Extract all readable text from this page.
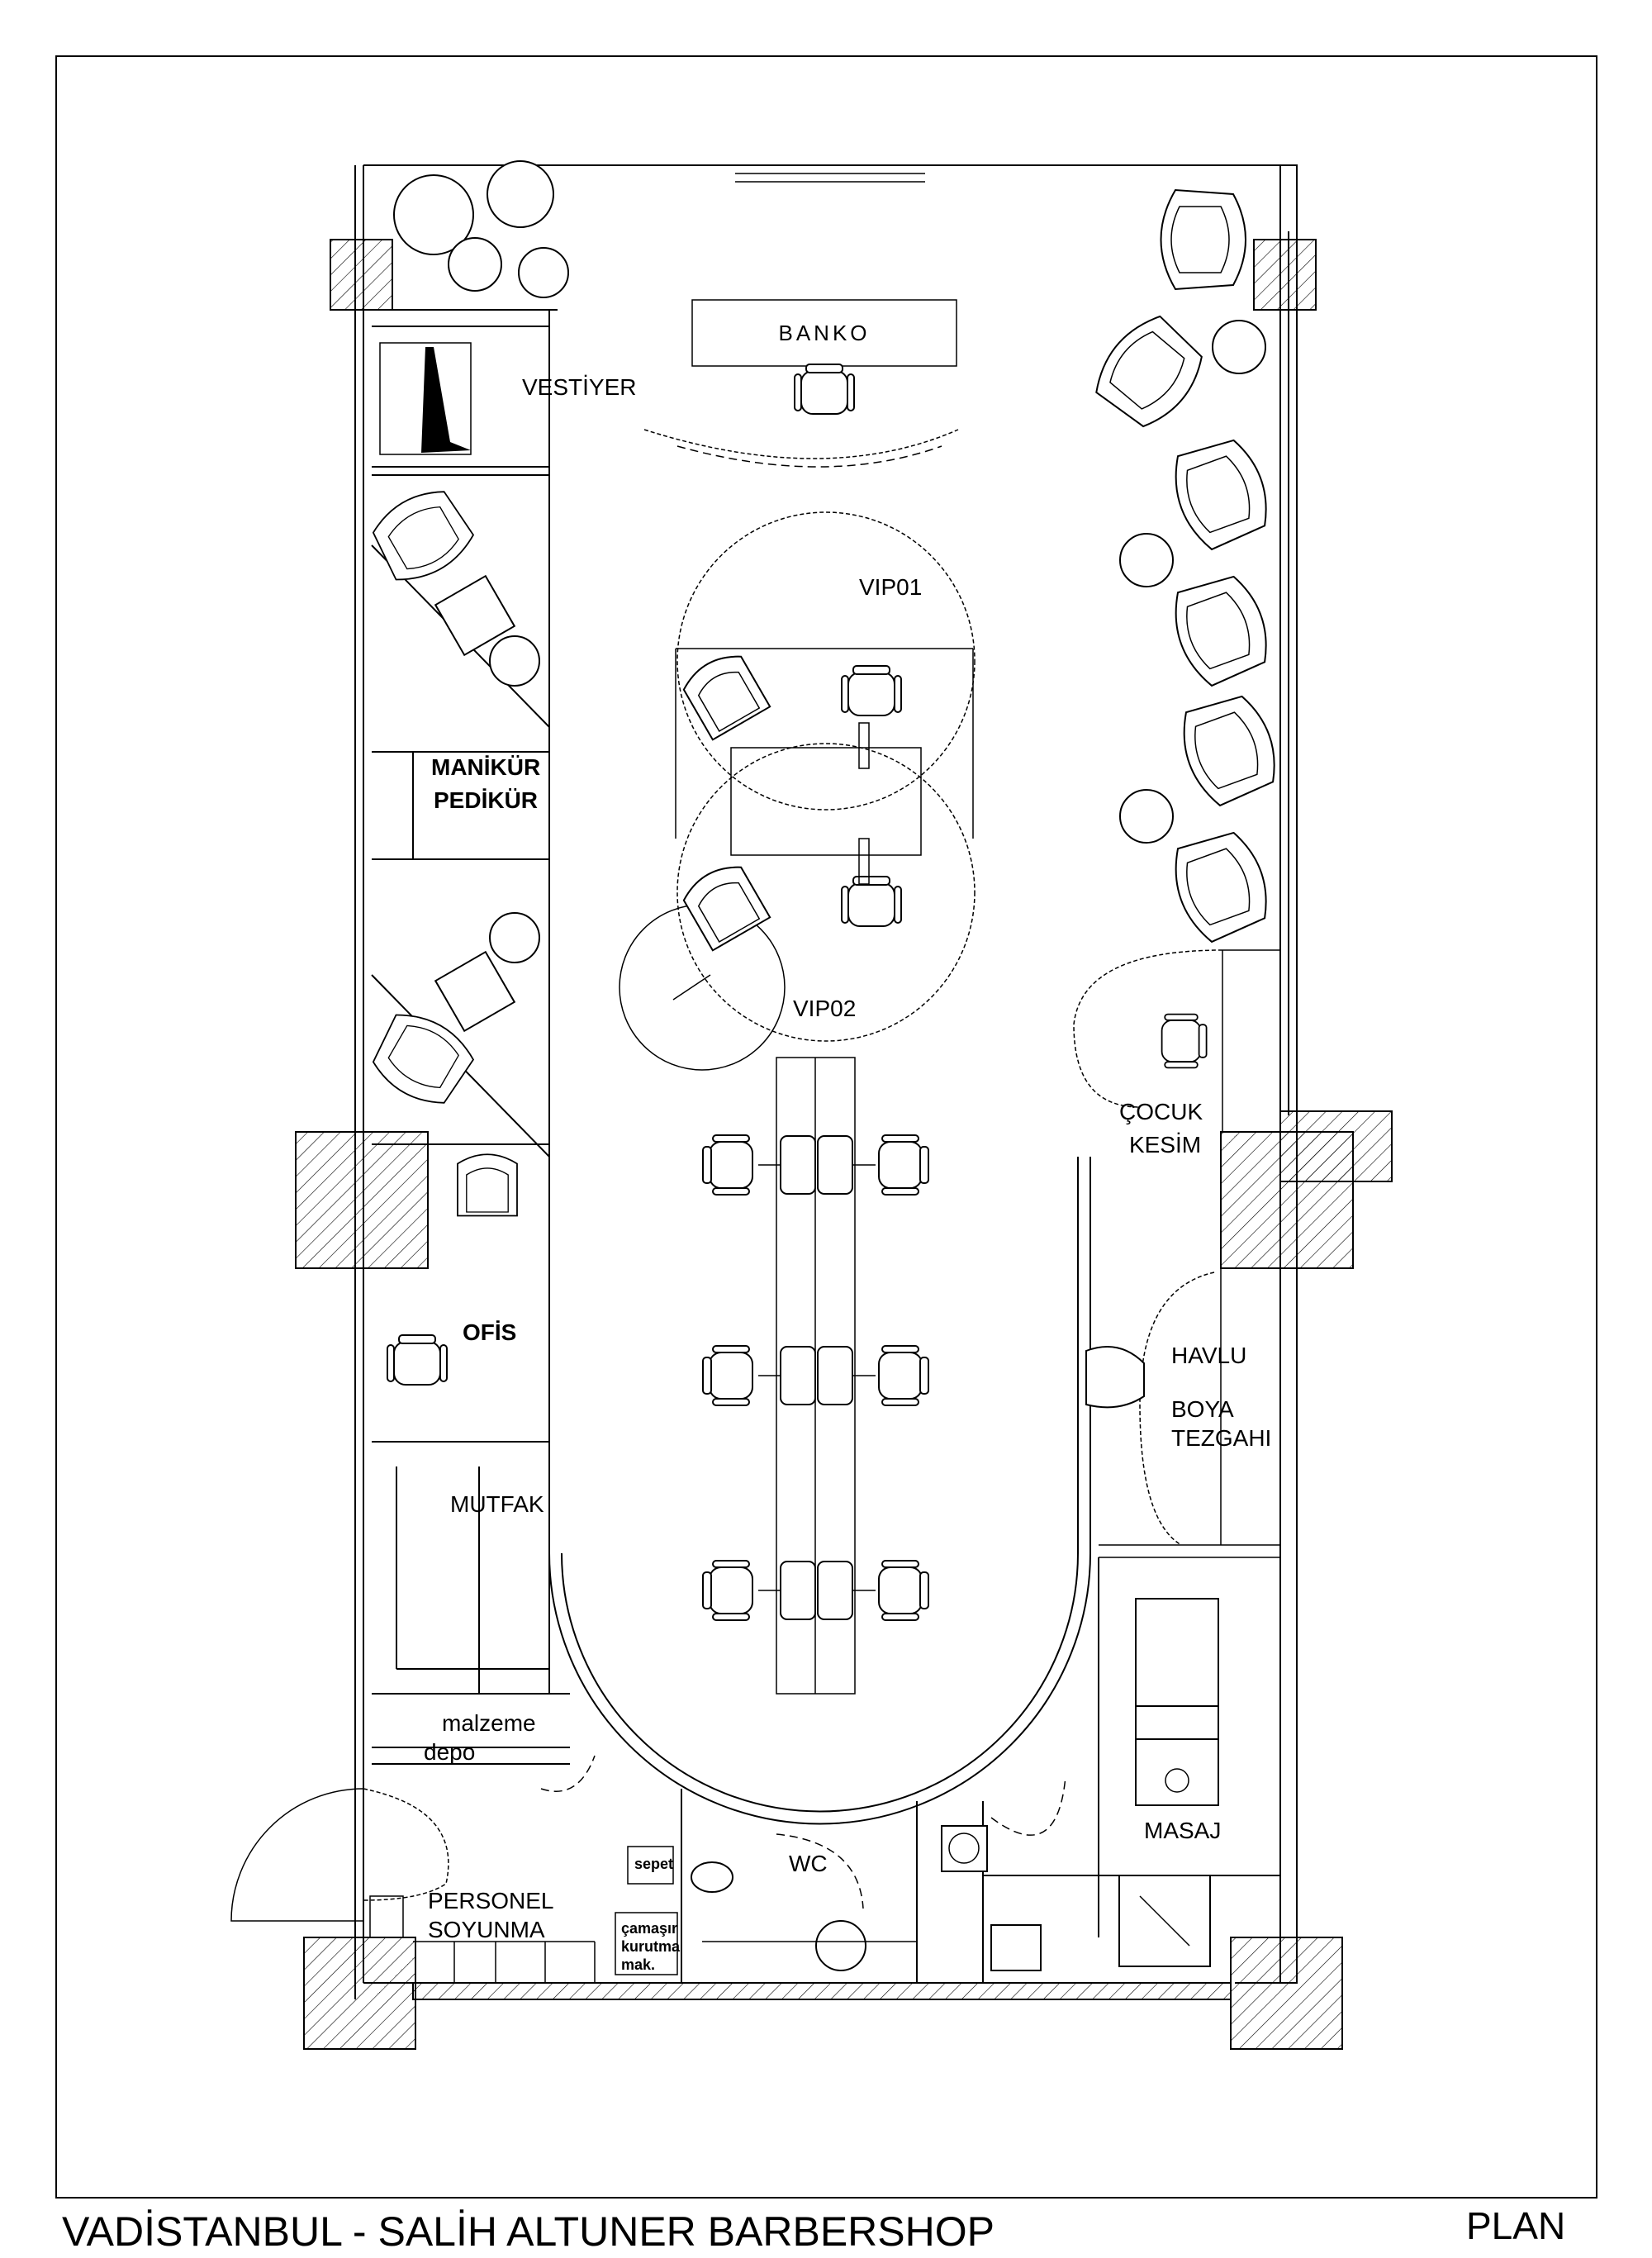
BANKO
VESTİYER
MANİKÜR
PEDİKÜR
VIP01
VIP02
ÇOCUK
KESİM
OFİS
HAVLU
BOYA
TEZGAHI
MUTFAK
malzeme
depo
WC
MASAJ
sepet
çamaşır
kurutma
mak.
PERSONEL
SOYUNMA
VADİSTANBUL - SALİH ALTUNER BARBERSHOP	PLAN
